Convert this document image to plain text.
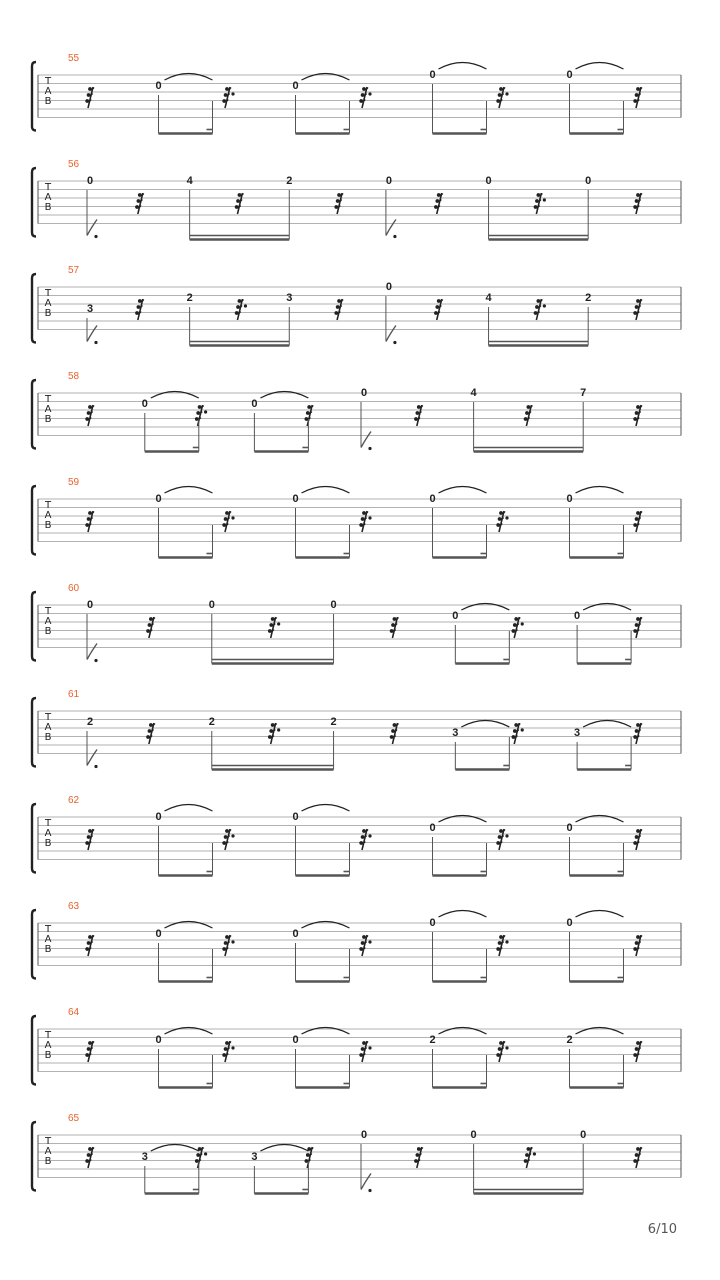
T
A
B
55
0	0
0	0
T
A
B
56
0	4	2	0	0	0
T
A
B
57
3
2	3
0
4	2
T
A
B
58
0	0
0	4	7
T
A
B
59
0	0	0	0
T
A
B
60
0	0	0
0	0
T
A
B
61
2	2	2
3	3
T
A
B
62
0	0
0	0
T
A
B
63
0	0
0	0
T
A
B
64
0	0	2	2
T
A
B
65
3	3
0	0	0
6/10
